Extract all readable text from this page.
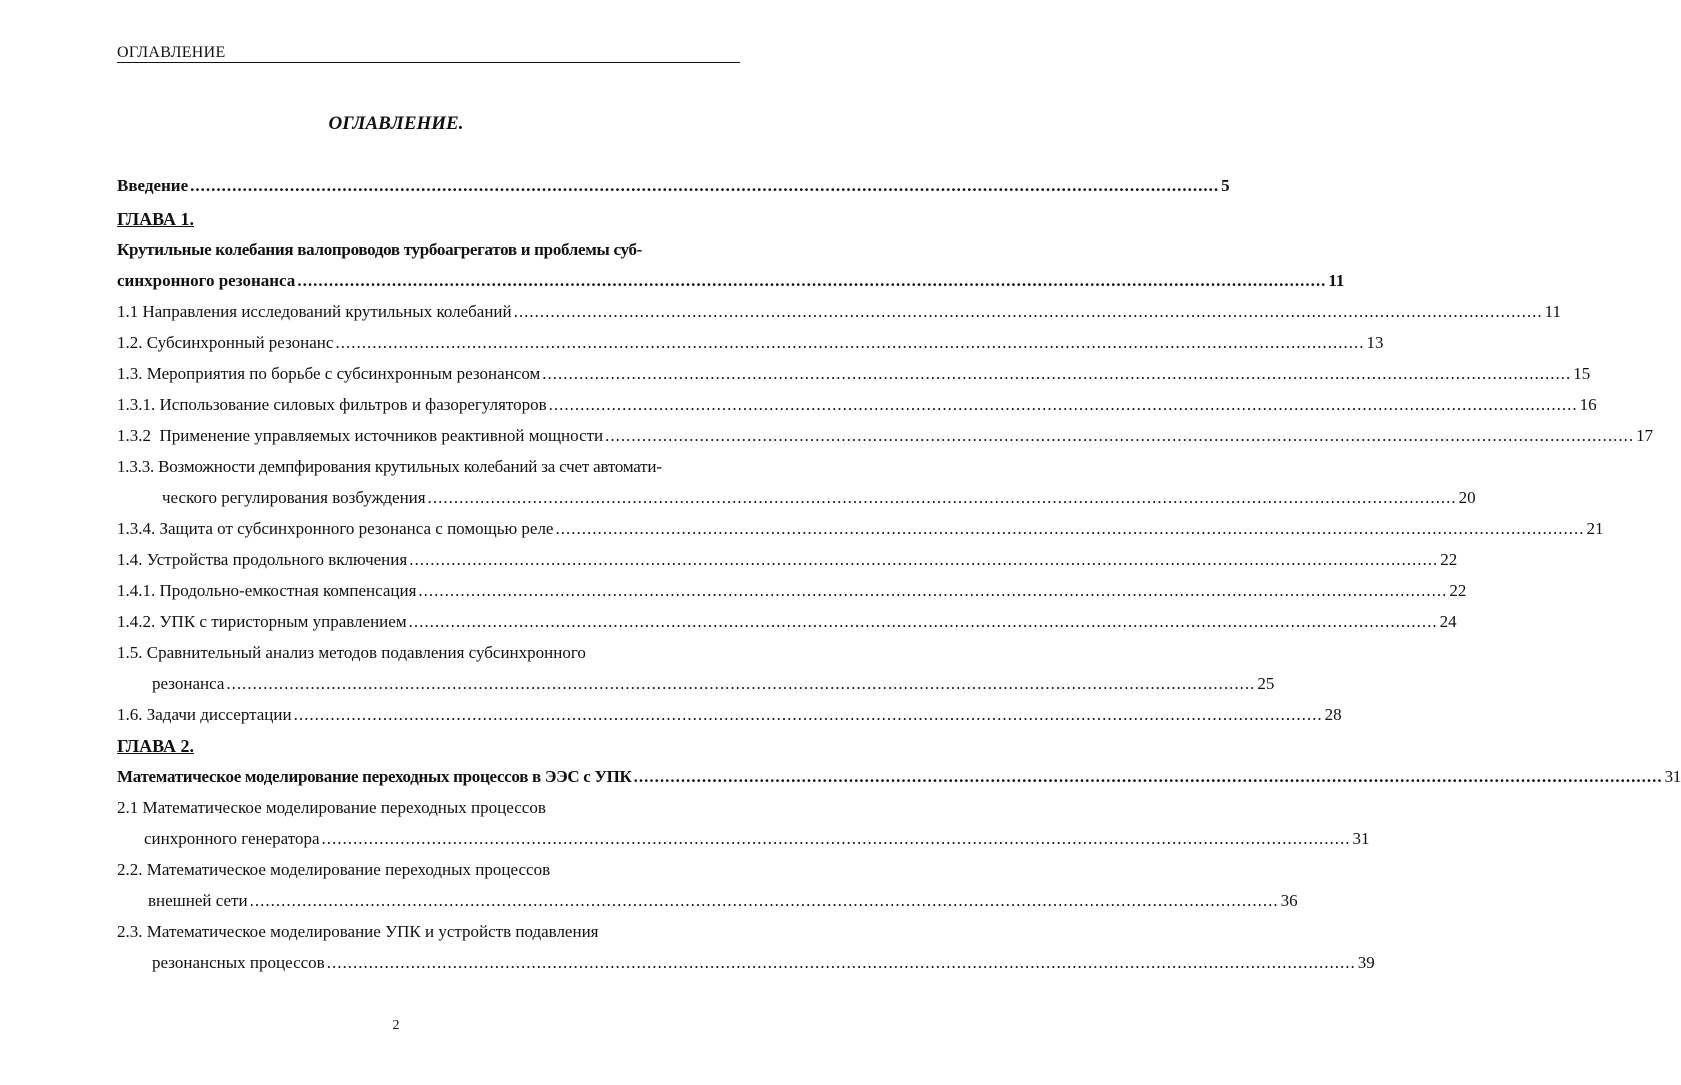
ОГЛАВЛЕНИЕ
ОГЛАВЛЕНИЕ.
Введение .................................................................................................................................................................................................... 5
ГЛАВА 1.
Крутильные колебания валопроводов турбоагрегатов и проблемы суб-
синхронного резонанса .................................................................................................................................................................................................... 11
1.1 Направления исследований крутильных колебаний .................................................................................................................................................................................................... 11
1.2. Субсинхронный резонанс .................................................................................................................................................................................................... 13
1.3. Мероприятия по борьбе с субсинхронным резонансом .................................................................................................................................................................................................... 15
1.3.1. Использование силовых фильтров и фазорегуляторов .................................................................................................................................................................................................... 16
1.3.2  Применение управляемых источников реактивной мощности .................................................................................................................................................................................................... 17
1.3.3. Возможности демпфирования крутильных колебаний за счет автомати-
ческого регулирования возбуждения .................................................................................................................................................................................................... 20
1.3.4. Защита от субсинхронного резонанса с помощью реле .................................................................................................................................................................................................... 21
1.4. Устройства продольного включения .................................................................................................................................................................................................... 22
1.4.1. Продольно-емкостная компенсация .................................................................................................................................................................................................... 22
1.4.2. УПК с тиристорным управлением .................................................................................................................................................................................................... 24
1.5. Сравнительный анализ методов подавления субсинхронного
резонанса .................................................................................................................................................................................................... 25
1.6. Задачи диссертации .................................................................................................................................................................................................... 28
ГЛАВА 2.
Математическое моделирование переходных процессов в ЭЭС с УПК .................................................................................................................................................................................................... 31
2.1 Математическое моделирование переходных процессов
синхронного генератора .................................................................................................................................................................................................... 31
2.2. Математическое моделирование переходных процессов
внешней сети .................................................................................................................................................................................................... 36
2.3. Математическое моделирование УПК и устройств подавления
резонансных процессов .................................................................................................................................................................................................... 39
2
